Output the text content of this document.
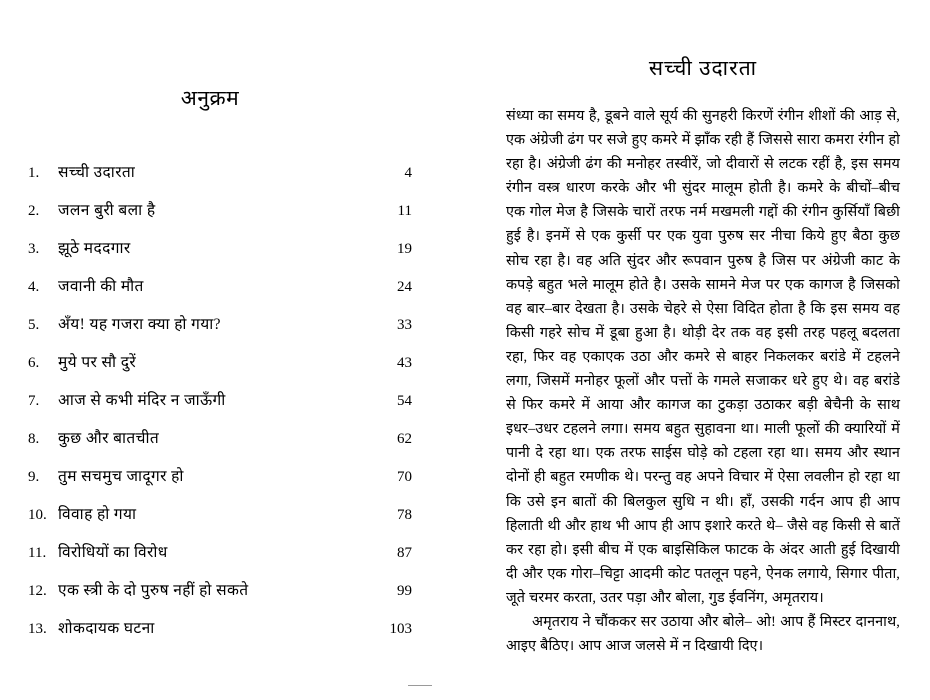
अनुक्रम
1. सच्ची उदारता	4
2. जलन बुरी बला है	11
3. झूठे मददगार	19
4. जवानी की मौत	24
5. अँय! यह गजरा क्या हो गया?	33
6. मुये पर सौ दुरें	43
7. आज से कभी मंदिर न जाऊँगी	54
8. कुछ और बातचीत	62
9. तुम सचमुच जादूगर हो	70
10. विवाह हो गया	78
11. विरोधियों का विरोध	87
12. एक स्त्री के दो पुरुष नहीं हो सकते	99
13. शोकदायक घटना	103
सच्ची उदारता

संध्या का समय है, डूबने वाले सूर्य की सुनहरी किरणें रंगीन शीशों की आड़ से, एक अंग्रेजी ढंग पर सजे हुए कमरे में झाँक रही हैं जिससे सारा कमरा रंगीन हो रहा है। अंग्रेजी ढंग की मनोहर तस्वीरें, जो दीवारों से लटक रहीं है, इस समय रंगीन वस्त्र धारण करके और भी सुंदर मालूम होती है। कमरे के बीचों–बीच एक गोल मेज है जिसके चारों तरफ नर्म मखमली गद्दों की रंगीन कुर्सियाँ बिछी हुई है। इनमें से एक कुर्सी पर एक युवा पुरुष सर नीचा किये हुए बैठा कुछ सोच रहा है। वह अति सुंदर और रूपवान पुरुष है जिस पर अंग्रेजी काट के कपड़े बहुत भले मालूम होते है। उसके सामने मेज पर एक कागज है जिसको वह बार–बार देखता है। उसके चेहरे से ऐसा विदित होता है कि इस समय वह किसी गहरे सोच में डूबा हुआ है। थोड़ी देर तक वह इसी तरह पहलू बदलता रहा, फिर वह एकाएक उठा और कमरे से बाहर निकलकर बरांडे में टहलने लगा, जिसमें मनोहर फूलों और पत्तों के गमले सजाकर धरे हुए थे। वह बरांडे से फिर कमरे में आया और कागज का टुकड़ा उठाकर बड़ी बेचैनी के साथ इधर–उधर टहलने लगा। समय बहुत सुहावना था। माली फूलों की क्यारियों में पानी दे रहा था। एक तरफ साईस घोड़े को टहला रहा था। समय और स्थान दोनों ही बहुत रमणीक थे। परन्तु वह अपने विचार में ऐसा लवलीन हो रहा था कि उसे इन बातों की बिलकुल सुधि न थी। हाँ, उसकी गर्दन आप ही आप हिलाती थी और हाथ भी आप ही आप इशारे करते थे– जैसे वह किसी से बातें कर रहा हो। इसी बीच में एक बाइसिकिल फाटक के अंदर आती हुई दिखायी दी और एक गोरा–चिट्टा आदमी कोट पतलून पहने, ऐनक लगाये, सिगार पीता, जूते चरमर करता, उतर पड़ा और बोला, गुड ईवनिंग, अमृतराय।

अमृतराय ने चौंककर सर उठाया और बोले– ओ! आप हैं मिस्टर दाननाथ, आइए बैठिए। आप आज जलसे में न दिखायी दिए।
